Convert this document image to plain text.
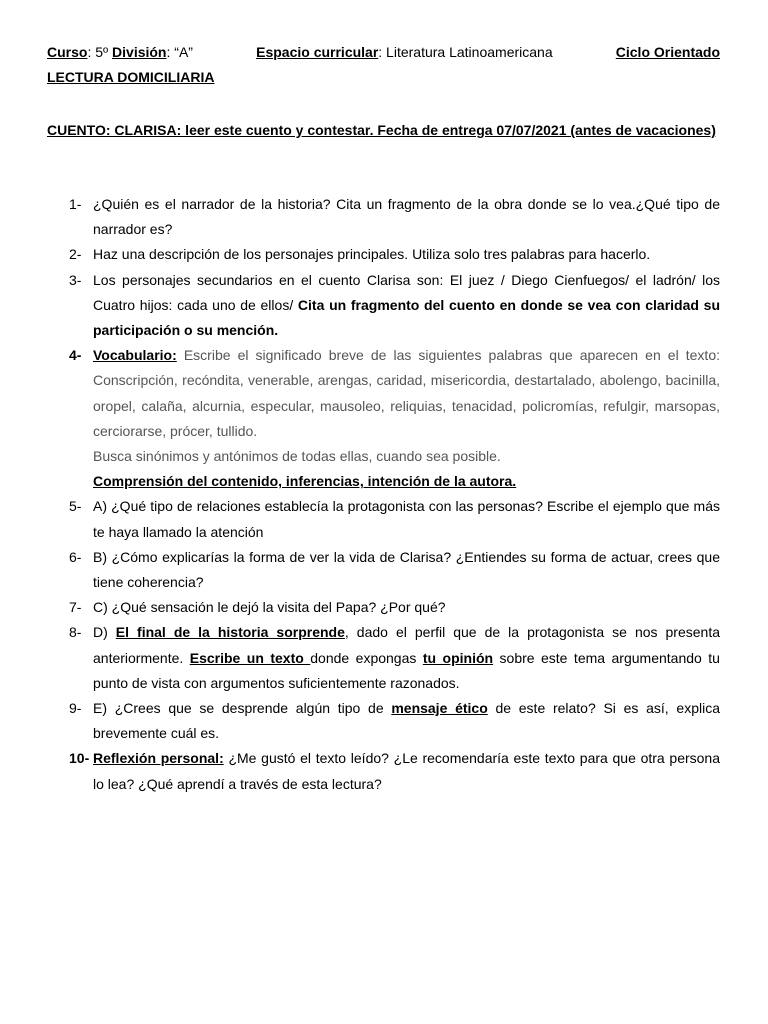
Curso: 5º División: “A”	Espacio curricular: Literatura Latinoamericana	Ciclo Orientado
LECTURA DOMICILIARIA
CUENTO: CLARISA: leer este cuento y contestar. Fecha de entrega 07/07/2021 (antes de vacaciones)
1- ¿Quién es el narrador de la historia? Cita un fragmento de la obra donde se lo vea.¿Qué tipo de narrador es?
2- Haz una descripción de los personajes principales. Utiliza solo tres palabras para hacerlo.
3- Los personajes secundarios en el cuento Clarisa son: El juez / Diego Cienfuegos/ el ladrón/ los Cuatro hijos: cada uno de ellos/ Cita un fragmento del cuento en donde se vea con claridad su participación o su mención.
4- Vocabulario: Escribe el significado breve de las siguientes palabras que aparecen en el texto: Conscripción, recóndita, venerable, arengas, caridad, misericordia, destartalado, abolengo, bacinilla, oropel, calaña, alcurnia, especular, mausoleo, reliquias, tenacidad, policromías, refulgir, marsopas, cerciorarse, prócer, tullido.
Busca sinónimos y antónimos de todas ellas, cuando sea posible.
Comprensión del contenido, inferencias, intención de la autora.
5- A) ¿Qué tipo de relaciones establecía la protagonista con las personas? Escribe el ejemplo que más te haya llamado la atención
6- B) ¿Cómo explicarías la forma de ver la vida de Clarisa? ¿Entiendes su forma de actuar, crees que tiene coherencia?
7- C) ¿Qué sensación le dejó la visita del Papa? ¿Por qué?
8- D) El final de la historia sorprende, dado el perfil que de la protagonista se nos presenta anteriormente. Escribe un texto donde expongas tu opinión sobre este tema argumentando tu punto de vista con argumentos suficientemente razonados.
9- E) ¿Crees que se desprende algún tipo de mensaje ético de este relato? Si es así, explica brevemente cuál es.
10- Reflexión personal: ¿Me gustó el texto leído? ¿Le recomendaría este texto para que otra persona lo lea? ¿Qué aprendí a través de esta lectura?
